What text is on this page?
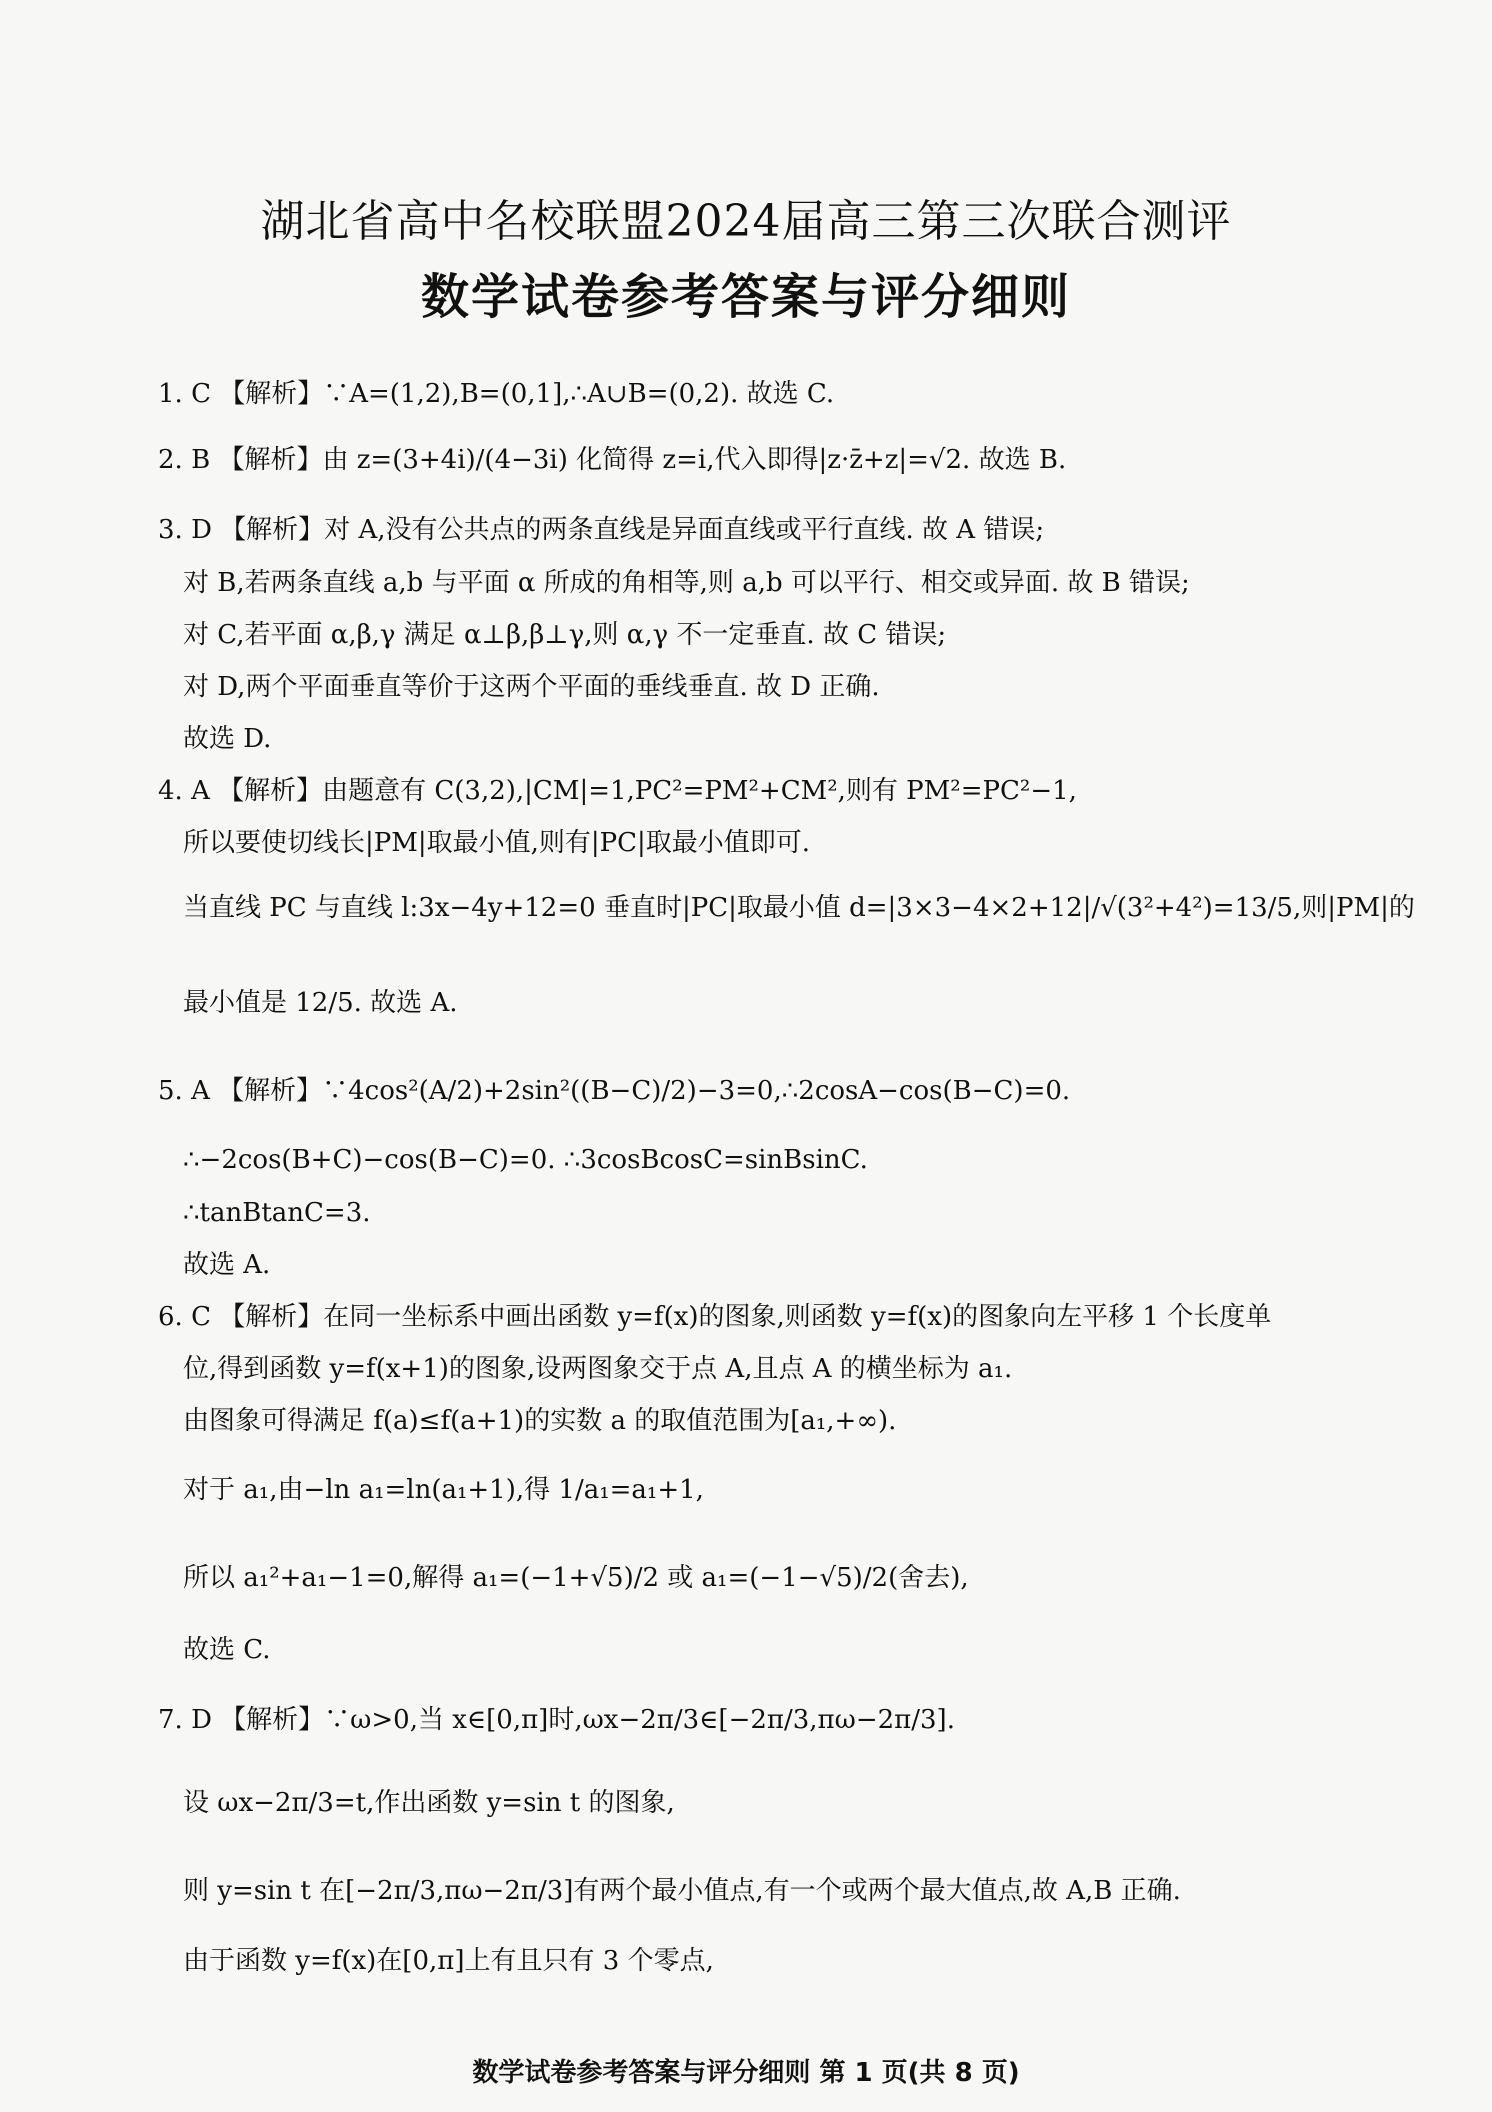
湖北省高中名校联盟2024届高三第三次联合测评
数学试卷参考答案与评分细则
1. C 【解析】∵A=(1,2),B=(0,1],∴A∪B=(0,2). 故选 C.
2. B 【解析】由 z=(3+4i)/(4−3i) 化简得 z=i,代入即得|z·z̄+z|=√2. 故选 B.
3. D 【解析】对 A,没有公共点的两条直线是异面直线或平行直线. 故 A 错误;
对 B,若两条直线 a,b 与平面 α 所成的角相等,则 a,b 可以平行、相交或异面. 故 B 错误;
对 C,若平面 α,β,γ 满足 α⊥β,β⊥γ,则 α,γ 不一定垂直. 故 C 错误;
对 D,两个平面垂直等价于这两个平面的垂线垂直. 故 D 正确.
故选 D.
4. A 【解析】由题意有 C(3,2),|CM|=1,PC²=PM²+CM²,则有 PM²=PC²−1,
所以要使切线长|PM|取最小值,则有|PC|取最小值即可.
当直线 PC 与直线 l:3x−4y+12=0 垂直时|PC|取最小值 d=|3×3−4×2+12|/√(3²+4²)=13/5,则|PM|的
最小值是 12/5. 故选 A.
5. A 【解析】∵4cos²(A/2)+2sin²((B−C)/2)−3=0,∴2cosA−cos(B−C)=0.
∴−2cos(B+C)−cos(B−C)=0. ∴3cosBcosC=sinBsinC.
∴tanBtanC=3.
故选 A.
6. C 【解析】在同一坐标系中画出函数 y=f(x)的图象,则函数 y=f(x)的图象向左平移 1 个长度单
位,得到函数 y=f(x+1)的图象,设两图象交于点 A,且点 A 的横坐标为 a₁.
由图象可得满足 f(a)≤f(a+1)的实数 a 的取值范围为[a₁,+∞).
对于 a₁,由−ln a₁=ln(a₁+1),得 1/a₁=a₁+1,
所以 a₁²+a₁−1=0,解得 a₁=(−1+√5)/2 或 a₁=(−1−√5)/2(舍去),
故选 C.
7. D 【解析】∵ω>0,当 x∈[0,π]时,ωx−2π/3∈[−2π/3,πω−2π/3].
设 ωx−2π/3=t,作出函数 y=sin t 的图象,
则 y=sin t 在[−2π/3,πω−2π/3]有两个最小值点,有一个或两个最大值点,故 A,B 正确.
由于函数 y=f(x)在[0,π]上有且只有 3 个零点,
数学试卷参考答案与评分细则 第 1 页(共 8 页)
